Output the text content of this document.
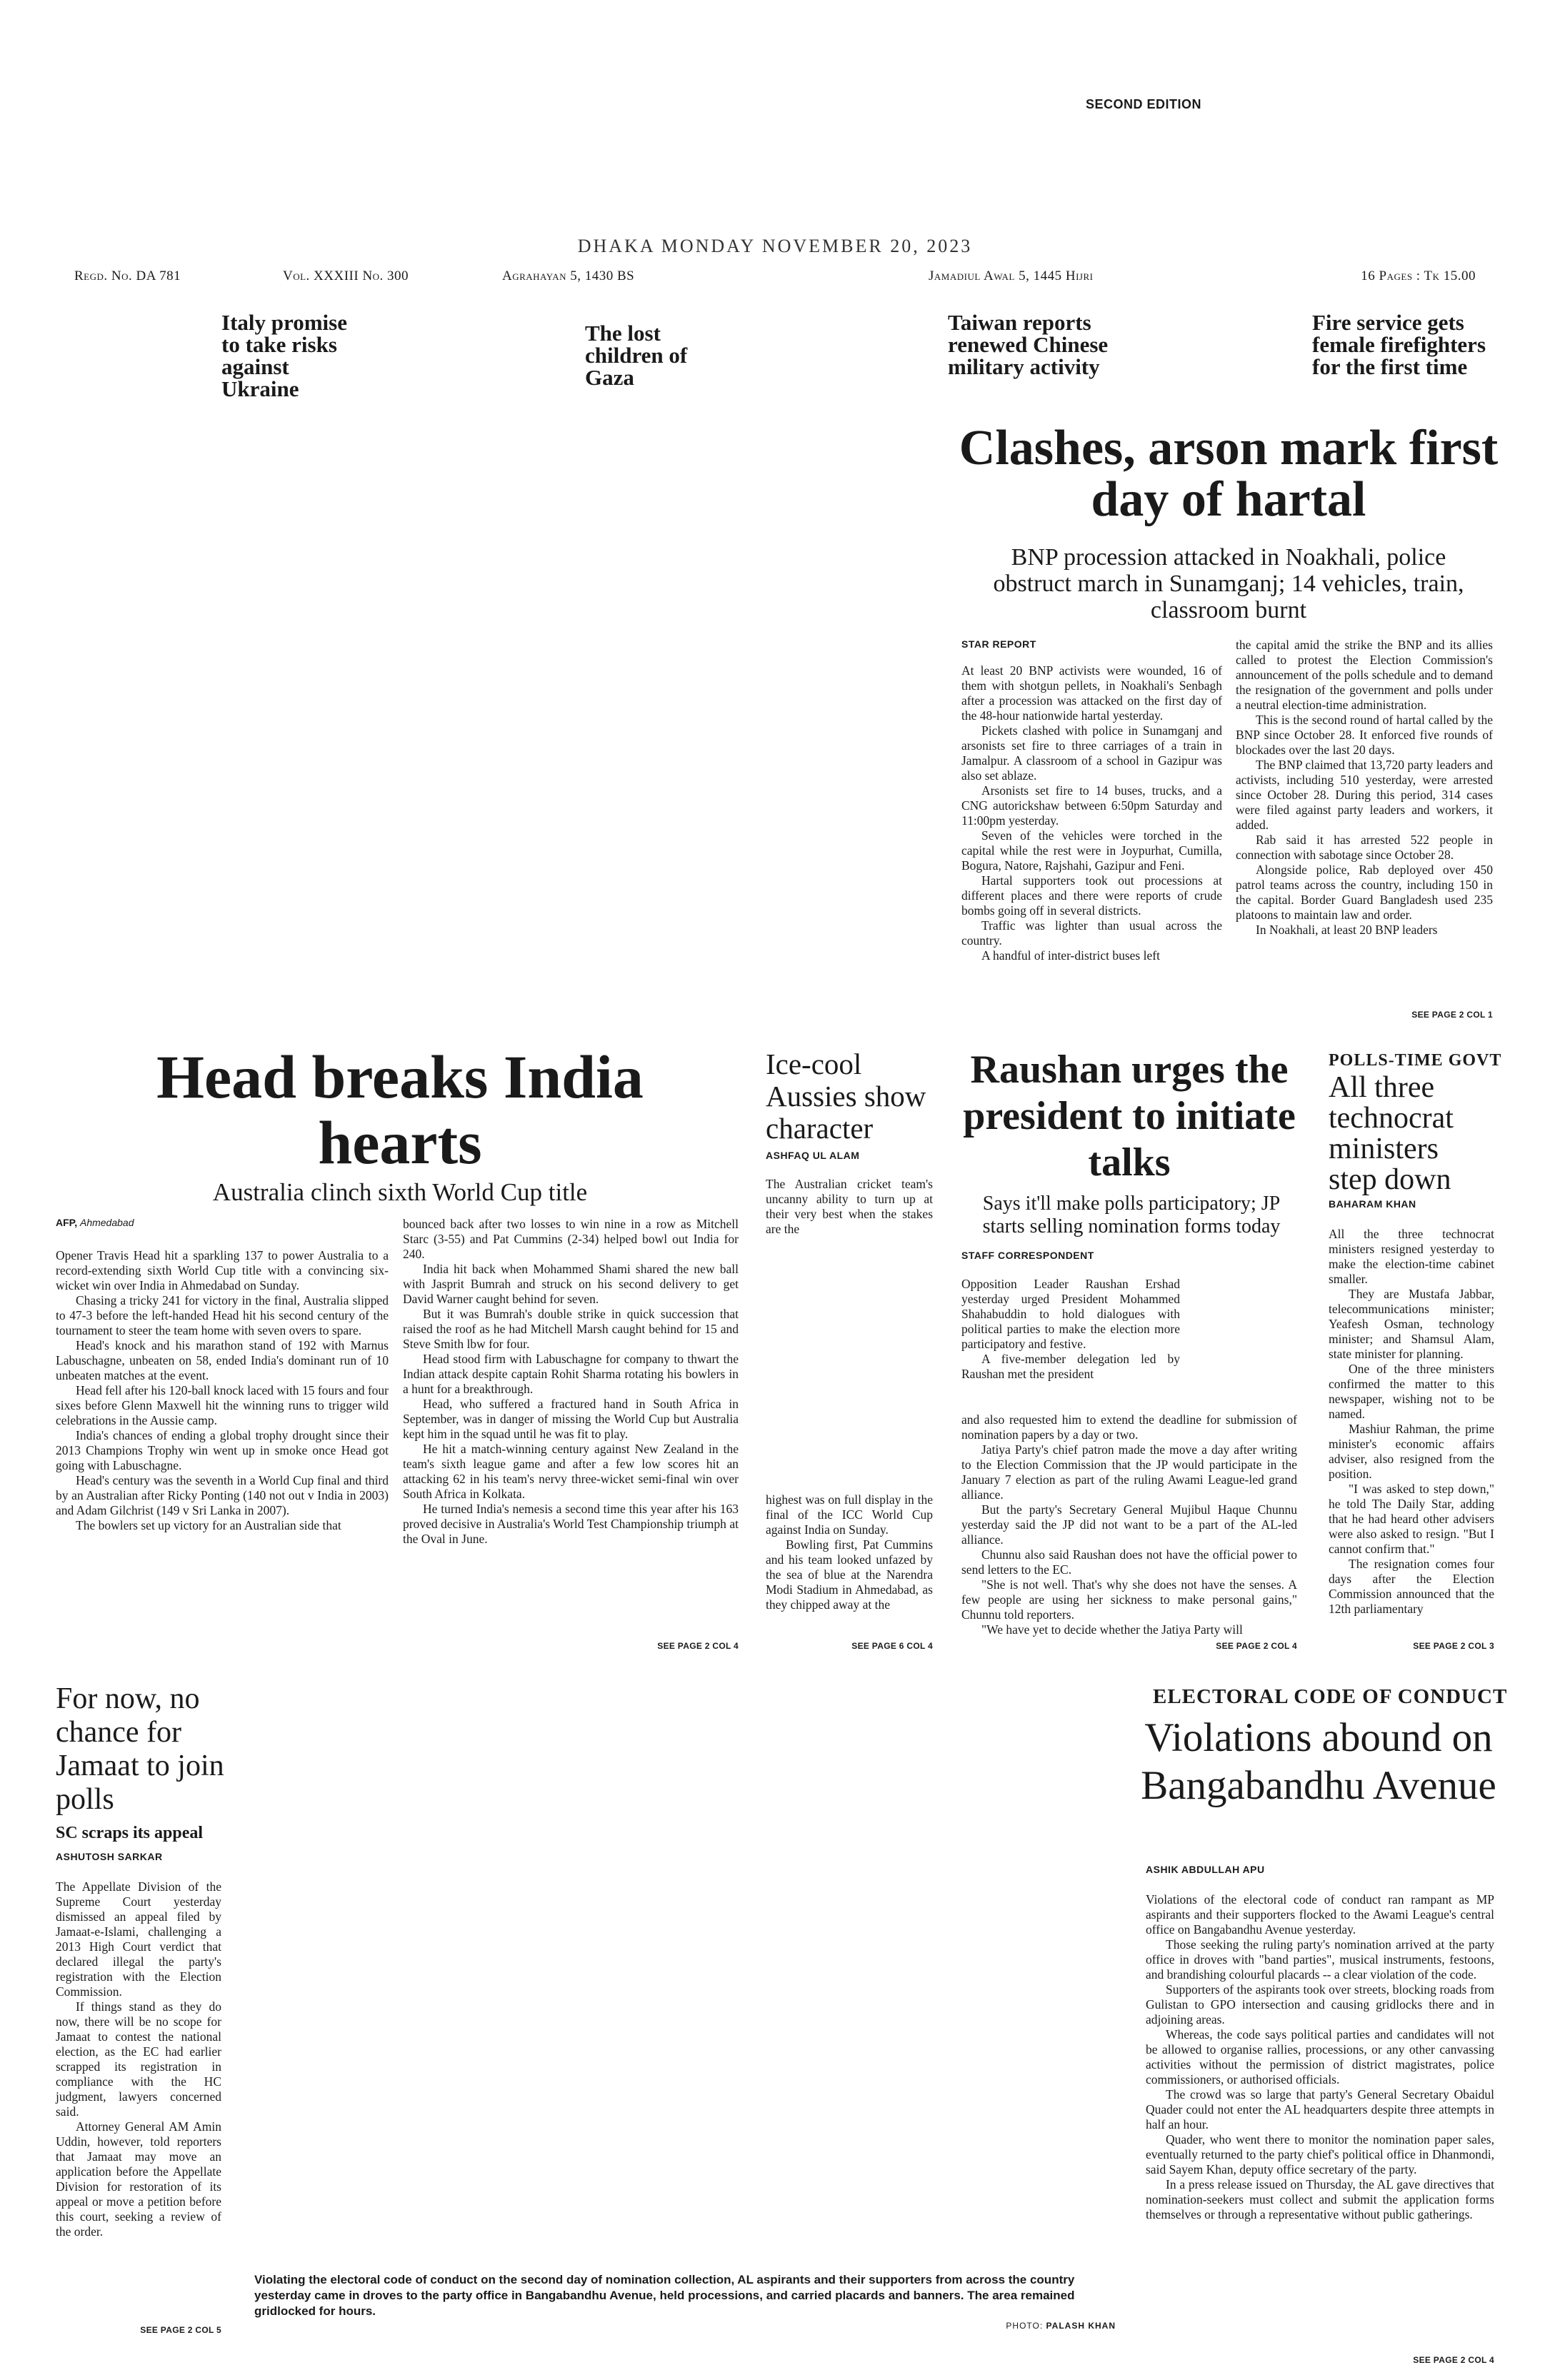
SECOND EDITION
DHAKA MONDAY NOVEMBER 20, 2023
Regd. No. DA 781	Vol. XXXIII No. 300	Agrahayan 5, 1430 BS	Jamadiul Awal 5, 1445 Hijri	16 Pages : Tk 15.00
Italy promise to take risks against Ukraine
The lost children of Gaza
Taiwan reports renewed Chinese military activity
Fire service gets female firefighters for the first time
Clashes, arson mark first day of hartal
BNP procession attacked in Noakhali, police obstruct march in Sunamganj; 14 vehicles, train, classroom burnt
STAR REPORT

At least 20 BNP activists were wounded, 16 of them with shotgun pellets, in Noakhali's Senbagh after a procession was attacked on the first day of the 48-hour nationwide hartal yesterday.

Pickets clashed with police in Sunamganj and arsonists set fire to three carriages of a train in Jamalpur. A classroom of a school in Gazipur was also set ablaze.

Arsonists set fire to 14 buses, trucks, and a CNG autorickshaw between 6:50pm Saturday and 11:00pm yesterday.

Seven of the vehicles were torched in the capital while the rest were in Joypurhat, Cumilla, Bogura, Natore, Rajshahi, Gazipur and Feni.

Hartal supporters took out processions at different places and there were reports of crude bombs going off in several districts.

Traffic was lighter than usual across the country.

A handful of inter-district buses left

the capital amid the strike the BNP and its allies called to protest the Election Commission's announcement of the polls schedule and to demand the resignation of the government and polls under a neutral election-time administration.

This is the second round of hartal called by the BNP since October 28. It enforced five rounds of blockades over the last 20 days.

The BNP claimed that 13,720 party leaders and activists, including 510 yesterday, were arrested since October 28. During this period, 314 cases were filed against party leaders and workers, it added.

Rab said it has arrested 522 people in connection with sabotage since October 28.

Alongside police, Rab deployed over 450 patrol teams across the country, including 150 in the capital. Border Guard Bangladesh used 235 platoons to maintain law and order.

In Noakhali, at least 20 BNP leaders

SEE PAGE 2 COL 1
Head breaks India hearts
Australia clinch sixth World Cup title
AFP, Ahmedabad

Opener Travis Head hit a sparkling 137 to power Australia to a record-extending sixth World Cup title with a convincing six-wicket win over India in Ahmedabad on Sunday.

Chasing a tricky 241 for victory in the final, Australia slipped to 47-3 before the left-handed Head hit his second century of the tournament to steer the team home with seven overs to spare.

Head's knock and his marathon stand of 192 with Marnus Labuschagne, unbeaten on 58, ended India's dominant run of 10 unbeaten matches at the event.

Head fell after his 120-ball knock laced with 15 fours and four sixes before Glenn Maxwell hit the winning runs to trigger wild celebrations in the Aussie camp.

India's chances of ending a global trophy drought since their 2013 Champions Trophy win went up in smoke once Head got going with Labuschagne.

Head's century was the seventh in a World Cup final and third by an Australian after Ricky Ponting (140 not out v India in 2003) and Adam Gilchrist (149 v Sri Lanka in 2007).

The bowlers set up victory for an Australian side that

bounced back after two losses to win nine in a row as Mitchell Starc (3-55) and Pat Cummins (2-34) helped bowl out India for 240.

India hit back when Mohammed Shami shared the new ball with Jasprit Bumrah and struck on his second delivery to get David Warner caught behind for seven.

But it was Bumrah's double strike in quick succession that raised the roof as he had Mitchell Marsh caught behind for 15 and Steve Smith lbw for four.

Head stood firm with Labuschagne for company to thwart the Indian attack despite captain Rohit Sharma rotating his bowlers in a hunt for a breakthrough.

Head, who suffered a fractured hand in South Africa in September, was in danger of missing the World Cup but Australia kept him in the squad until he was fit to play.

He hit a match-winning century against New Zealand in the team's sixth league game and after a few low scores hit an attacking 62 in his team's nervy three-wicket semi-final win over South Africa in Kolkata.

He turned India's nemesis a second time this year after his 163 proved decisive in Australia's World Test Championship triumph at the Oval in June.

SEE PAGE 2 COL 4
Ice-cool Aussies show character
ASHFAQ UL ALAM

The Australian cricket team's uncanny ability to turn up at their very best when the stakes are the

highest was on full display in the final of the ICC World Cup against India on Sunday.

Bowling first, Pat Cummins and his team looked unfazed by the sea of blue at the Narendra Modi Stadium in Ahmedabad, as they chipped away at the

SEE PAGE 6 COL 4
Raushan urges the president to initiate talks
Says it'll make polls participatory; JP starts selling nomination forms today
STAFF CORRESPONDENT

Opposition Leader Raushan Ershad yesterday urged President Mohammed Shahabuddin to hold dialogues with political parties to make the election more participatory and festive.

A five-member delegation led by Raushan met the president

and also requested him to extend the deadline for submission of nomination papers by a day or two.

Jatiya Party's chief patron made the move a day after writing to the Election Commission that the JP would participate in the January 7 election as part of the ruling Awami League-led grand alliance.

But the party's Secretary General Mujibul Haque Chunnu yesterday said the JP did not want to be a part of the AL-led alliance.

Chunnu also said Raushan does not have the official power to send letters to the EC.

"She is not well. That's why she does not have the senses. A few people are using her sickness to make personal gains," Chunnu told reporters.

"We have yet to decide whether the Jatiya Party will

SEE PAGE 2 COL 4
POLLS-TIME GOVT
All three technocrat ministers step down
BAHARAM KHAN

All the three technocrat ministers resigned yesterday to make the election-time cabinet smaller.

They are Mustafa Jabbar, telecommunications minister; Yeafesh Osman, technology minister; and Shamsul Alam, state minister for planning.

One of the three ministers confirmed the matter to this newspaper, wishing not to be named.

Mashiur Rahman, the prime minister's economic affairs adviser, also resigned from the position.

"I was asked to step down," he told The Daily Star, adding that he had heard other advisers were also asked to resign. "But I cannot confirm that."

The resignation comes four days after the Election Commission announced that the 12th parliamentary

SEE PAGE 2 COL 3
For now, no chance for Jamaat to join polls
SC scraps its appeal
ASHUTOSH SARKAR

The Appellate Division of the Supreme Court yesterday dismissed an appeal filed by Jamaat-e-Islami, challenging a 2013 High Court verdict that declared illegal the party's registration with the Election Commission.

If things stand as they do now, there will be no scope for Jamaat to contest the national election, as the EC had earlier scrapped its registration in compliance with the HC judgment, lawyers concerned said.

Attorney General AM Amin Uddin, however, told reporters that Jamaat may move an application before the Appellate Division for restoration of its appeal or move a petition before this court, seeking a review of the order.

SEE PAGE 2 COL 5
ELECTORAL CODE OF CONDUCT
Violations abound on Bangabandhu Avenue
ASHIK ABDULLAH APU

Violations of the electoral code of conduct ran rampant as MP aspirants and their supporters flocked to the Awami League's central office on Bangabandhu Avenue yesterday.

Those seeking the ruling party's nomination arrived at the party office in droves with "band parties", musical instruments, festoons, and brandishing colourful placards -- a clear violation of the code.

Supporters of the aspirants took over streets, blocking roads from Gulistan to GPO intersection and causing gridlocks there and in adjoining areas.

Whereas, the code says political parties and candidates will not be allowed to organise rallies, processions, or any other canvassing activities without the permission of district magistrates, police commissioners, or authorised officials.

The crowd was so large that party's General Secretary Obaidul Quader could not enter the AL headquarters despite three attempts in half an hour.

Quader, who went there to monitor the nomination paper sales, eventually returned to the party chief's political office in Dhanmondi, said Sayem Khan, deputy office secretary of the party.

In a press release issued on Thursday, the AL gave directives that nomination-seekers must collect and submit the application forms themselves or through a representative without public gatherings.

SEE PAGE 2 COL 4
Violating the electoral code of conduct on the second day of nomination collection, AL aspirants and their supporters from across the country yesterday came in droves to the party office in Bangabandhu Avenue, held processions, and carried placards and banners. The area remained gridlocked for hours.
PHOTO: PALASH KHAN
